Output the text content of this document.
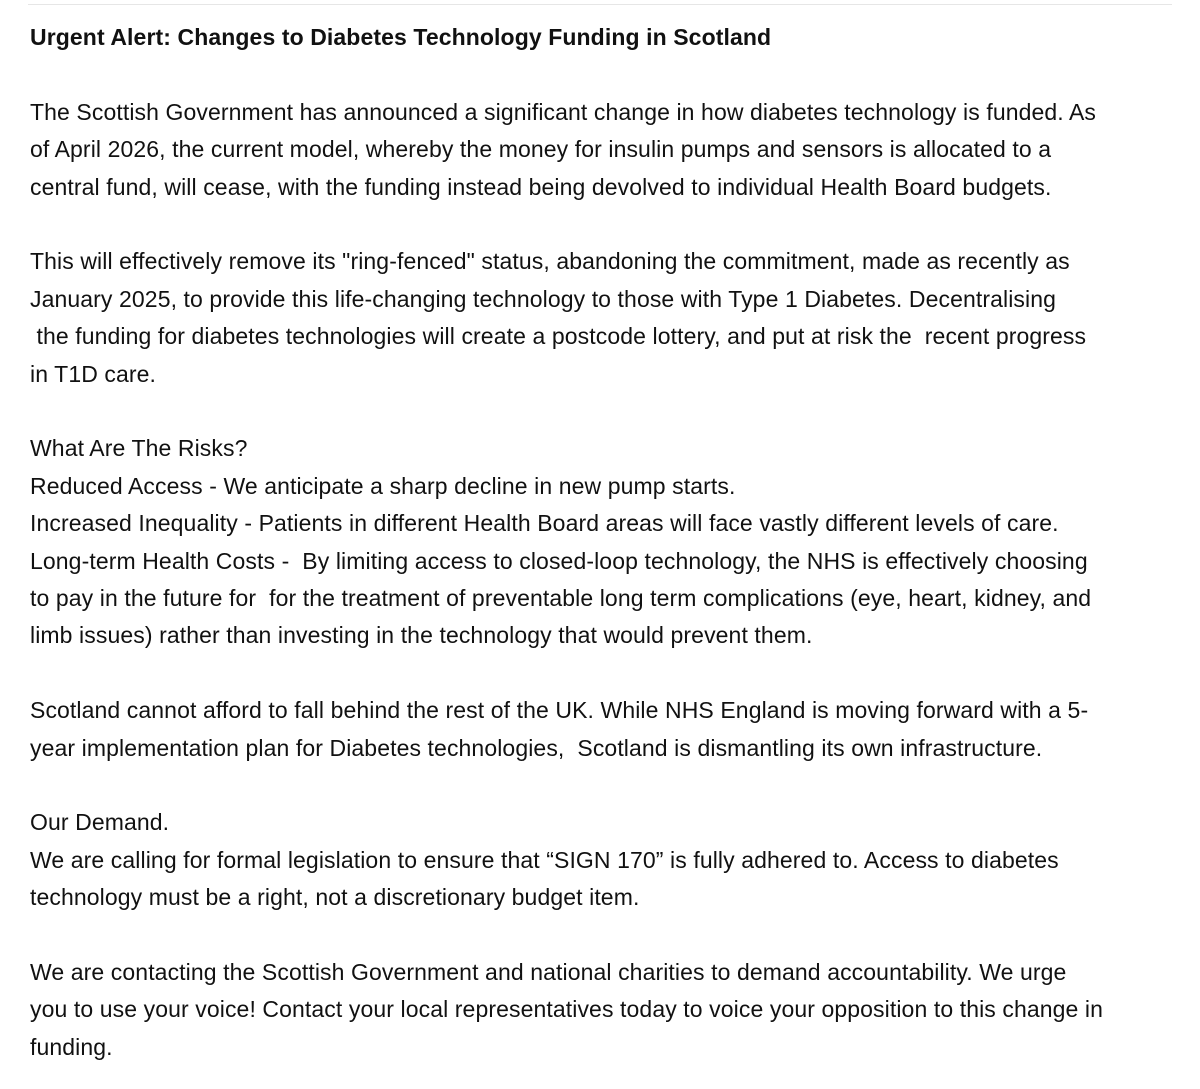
Urgent Alert: Changes to Diabetes Technology Funding in Scotland
The Scottish Government has announced a significant change in how diabetes technology is funded. As
of April 2026, the current model, whereby the money for insulin pumps and sensors is allocated to a
central fund, will cease, with the funding instead being devolved to individual Health Board budgets.
This will effectively remove its "ring-fenced" status, abandoning the commitment, made as recently as
January 2025, to provide this life-changing technology to those with Type 1 Diabetes. Decentralising
the funding for diabetes technologies will create a postcode lottery, and put at risk the  recent progress
in T1D care.
What Are The Risks?
Reduced Access - We anticipate a sharp decline in new pump starts.
Increased Inequality - Patients in different Health Board areas will face vastly different levels of care.
Long-term Health Costs -  By limiting access to closed-loop technology, the NHS is effectively choosing
to pay in the future for  for the treatment of preventable long term complications (eye, heart, kidney, and
limb issues) rather than investing in the technology that would prevent them.
Scotland cannot afford to fall behind the rest of the UK. While NHS England is moving forward with a 5-
year implementation plan for Diabetes technologies,  Scotland is dismantling its own infrastructure.
Our Demand.
We are calling for formal legislation to ensure that “SIGN 170” is fully adhered to. Access to diabetes
technology must be a right, not a discretionary budget item.
We are contacting the Scottish Government and national charities to demand accountability. We urge
you to use your voice! Contact your local representatives today to voice your opposition to this change in
funding.
